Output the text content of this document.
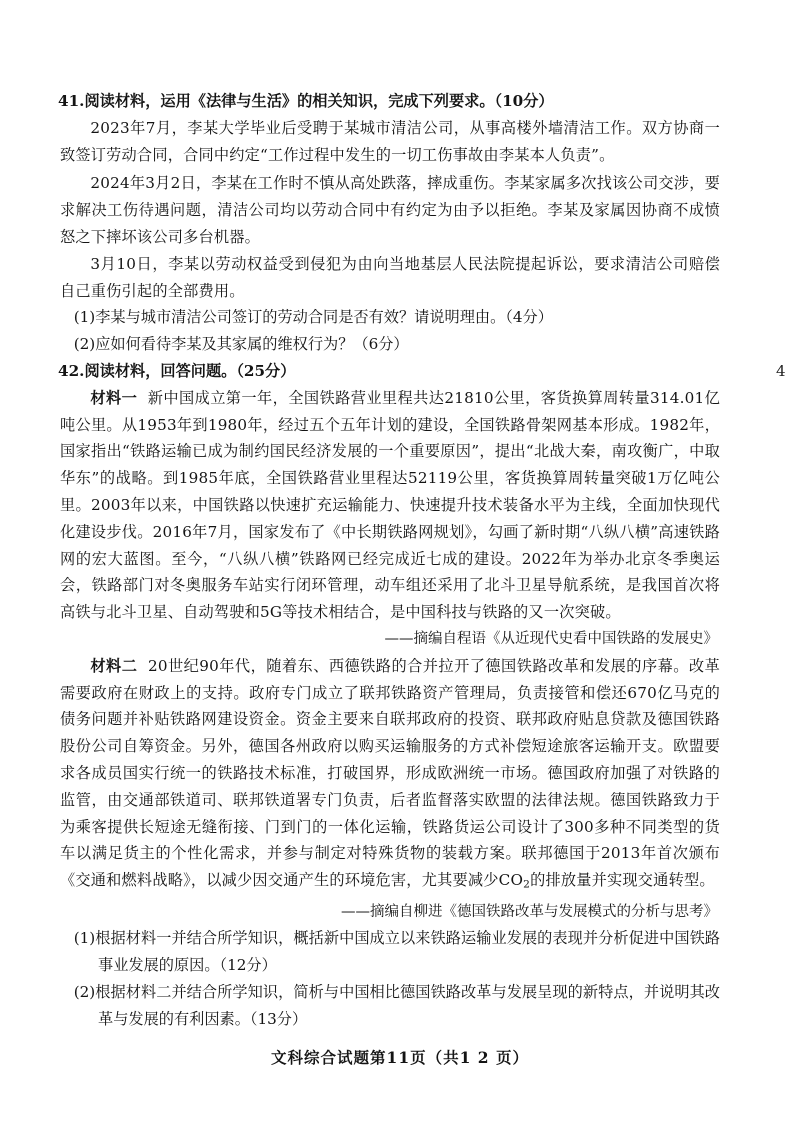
41.阅读材料，运用《法律与生活》的相关知识，完成下列要求。（10分）
2023年7月，李某大学毕业后受聘于某城市清洁公司，从事高楼外墙清洁工作。双方协商一致签订劳动合同，合同中约定“工作过程中发生的一切工伤事故由李某本人负责”。
2024年3月2日，李某在工作时不慎从高处跌落，摔成重伤。李某家属多次找该公司交涉，要求解决工伤待遇问题，清洁公司均以劳动合同中有约定为由予以拒绝。李某及家属因协商不成愤怒之下摔坏该公司多台机器。
3月10日，李某以劳动权益受到侵犯为由向当地基层人民法院提起诉讼，要求清洁公司赔偿自己重伤引起的全部费用。
(1)李某与城市清洁公司签订的劳动合同是否有效？请说明理由。（4分）
(2)应如何看待李某及其家属的维权行为？（6分）
42.阅读材料，回答问题。（25分）
材料一 新中国成立第一年，全国铁路营业里程共达21810公里，客货换算周转量314.01亿吨公里。从1953年到1980年，经过五个五年计划的建设，全国铁路骨架网基本形成。1982年，国家指出“铁路运输已成为制约国民经济发展的一个重要原因”，提出“北战大秦，南攻衡广，中取华东”的战略。到1985年底，全国铁路营业里程达52119公里，客货换算周转量突破1万亿吨公里。2003年以来，中国铁路以快速扩充运输能力、快速提升技术装备水平为主线，全面加快现代化建设步伐。2016年7月，国家发布了《中长期铁路网规划》，勾画了新时期“八纵八横”高速铁路网的宏大蓝图。至今，“八纵八横”铁路网已经完成近七成的建设。2022年为举办北京冬季奥运会，铁路部门对冬奥服务车站实行闭环管理，动车组还采用了北斗卫星导航系统，是我国首次将高铁与北斗卫星、自动驾驶和5G等技术相结合，是中国科技与铁路的又一次突破。
——摘编自程语《从近现代史看中国铁路的发展史》
材料二 20世纪90年代，随着东、西德铁路的合并拉开了德国铁路改革和发展的序幕。改革需要政府在财政上的支持。政府专门成立了联邦铁路资产管理局，负责接管和偿还670亿马克的债务问题并补贴铁路网建设资金。资金主要来自联邦政府的投资、联邦政府贴息贷款及德国铁路股份公司自筹资金。另外，德国各州政府以购买运输服务的方式补偿短途旅客运输开支。欧盟要求各成员国实行统一的铁路技术标准，打破国界，形成欧洲统一市场。德国政府加强了对铁路的监管，由交通部铁道司、联邦铁道署专门负责，后者监督落实欧盟的法律法规。德国铁路致力于为乘客提供长短途无缝衔接、门到门的一体化运输，铁路货运公司设计了300多种不同类型的货车以满足货主的个性化需求，并参与制定对特殊货物的装载方案。联邦德国于2013年首次颁布《交通和燃料战略》，以减少因交通产生的环境危害，尤其要减少$CO_2$的排放量并实现交通转型。
——摘编自柳进《德国铁路改革与发展模式的分析与思考》
(1)根据材料一并结合所学知识，概括新中国成立以来铁路运输业发展的表现并分析促进中国铁路事业发展的原因。（12分）
(2)根据材料二并结合所学知识，简析与中国相比德国铁路改革与发展呈现的新特点，并说明其改革与发展的有利因素。（13分）
4
文科综合试题第11页（共1 2 页）
